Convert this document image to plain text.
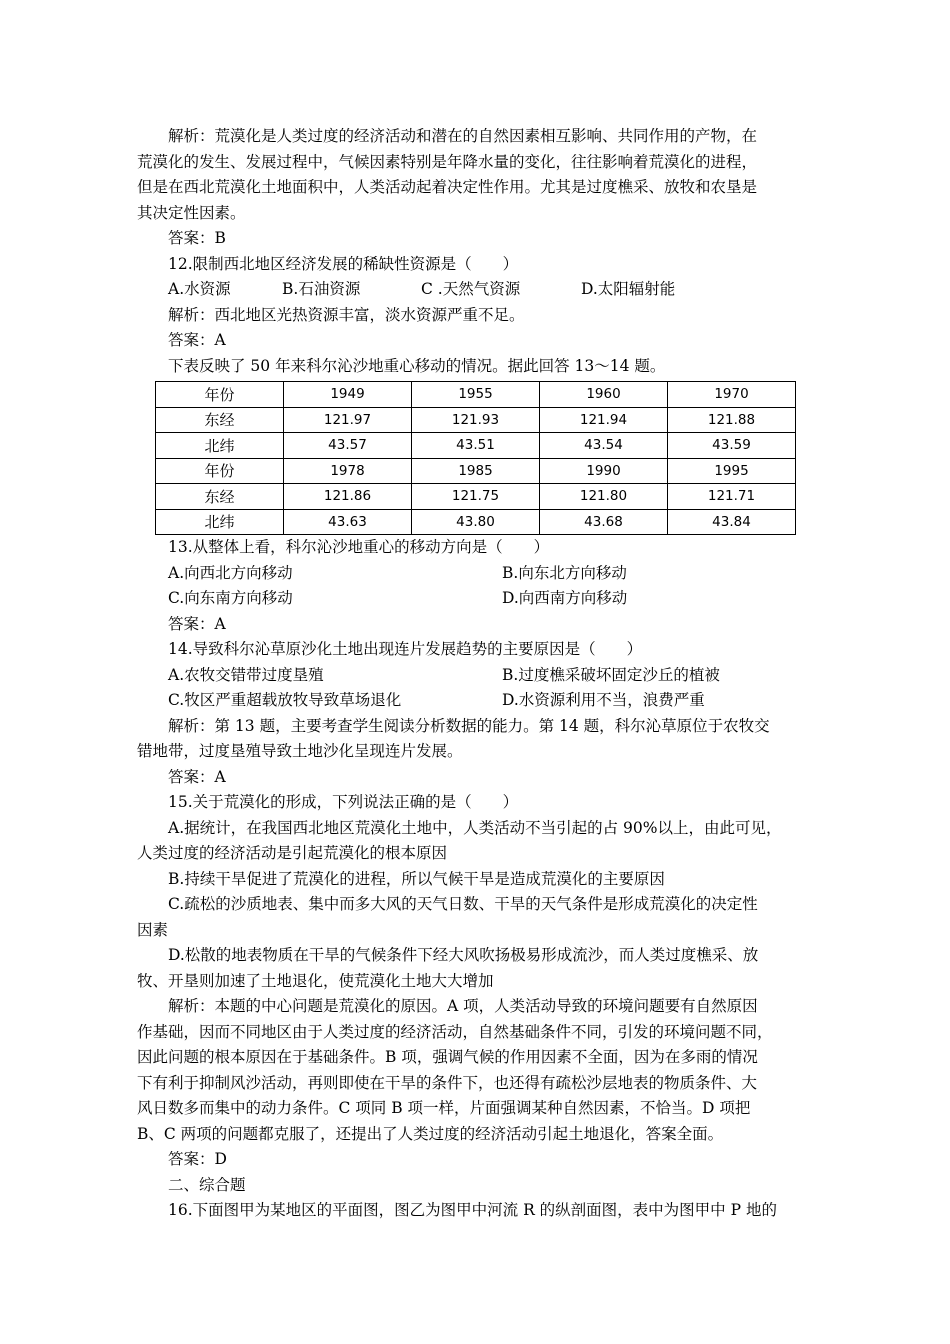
解析：荒漠化是人类过度的经济活动和潜在的自然因素相互影响、共同作用的产物，在

荒漠化的发生、发展过程中，气候因素特别是年降水量的变化，往往影响着荒漠化的进程，

但是在西北荒漠化土地面积中，人类活动起着决定性作用。尤其是过度樵采、放牧和农垦是

其决定性因素。

答案：B

12.限制西北地区经济发展的稀缺性资源是（　　）

A.水资源	B.石油资源	C .天然气资源	D.太阳辐射能

解析：西北地区光热资源丰富，淡水资源严重不足。

答案：A

下表反映了 50 年来科尔沁沙地重心移动的情况。据此回答 13～14 题。

年份	1949	1955	1960	1970
东经	121.97	121.93	121.94	121.88
北纬	43.57	43.51	43.54	43.59
年份	1978	1985	1990	1995
东经	121.86	121.75	121.80	121.71
北纬	43.63	43.80	43.68	43.84

13.从整体上看，科尔沁沙地重心的移动方向是（　　）

A.向西北方向移动	B.向东北方向移动
C.向东南方向移动	D.向西南方向移动

答案：A

14.导致科尔沁草原沙化土地出现连片发展趋势的主要原因是（　　）

A.农牧交错带过度垦殖	B.过度樵采破坏固定沙丘的植被
C.牧区严重超载放牧导致草场退化	D.水资源利用不当，浪费严重

解析：第 13 题，主要考查学生阅读分析数据的能力。第 14 题，科尔沁草原位于农牧交

错地带，过度垦殖导致土地沙化呈现连片发展。

答案：A

15.关于荒漠化的形成，下列说法正确的是（　　）

A.据统计，在我国西北地区荒漠化土地中，人类活动不当引起的占 90%以上，由此可见，

人类过度的经济活动是引起荒漠化的根本原因

B.持续干旱促进了荒漠化的进程，所以气候干旱是造成荒漠化的主要原因

C.疏松的沙质地表、集中而多大风的天气日数、干旱的天气条件是形成荒漠化的决定性

因素

D.松散的地表物质在干旱的气候条件下经大风吹扬极易形成流沙，而人类过度樵采、放

牧、开垦则加速了土地退化，使荒漠化土地大大增加

解析：本题的中心问题是荒漠化的原因。A 项，人类活动导致的环境问题要有自然原因

作基础，因而不同地区由于人类过度的经济活动，自然基础条件不同，引发的环境问题不同，

因此问题的根本原因在于基础条件。B 项，强调气候的作用因素不全面，因为在多雨的情况

下有利于抑制风沙活动，再则即使在干旱的条件下，也还得有疏松沙层地表的物质条件、大

风日数多而集中的动力条件。C 项同 B 项一样，片面强调某种自然因素，不恰当。D 项把

B、C 两项的问题都克服了，还提出了人类过度的经济活动引起土地退化，答案全面。

答案：D

二、综合题

16.下面图甲为某地区的平面图，图乙为图甲中河流 R 的纵剖面图，表中为图甲中 P 地的
